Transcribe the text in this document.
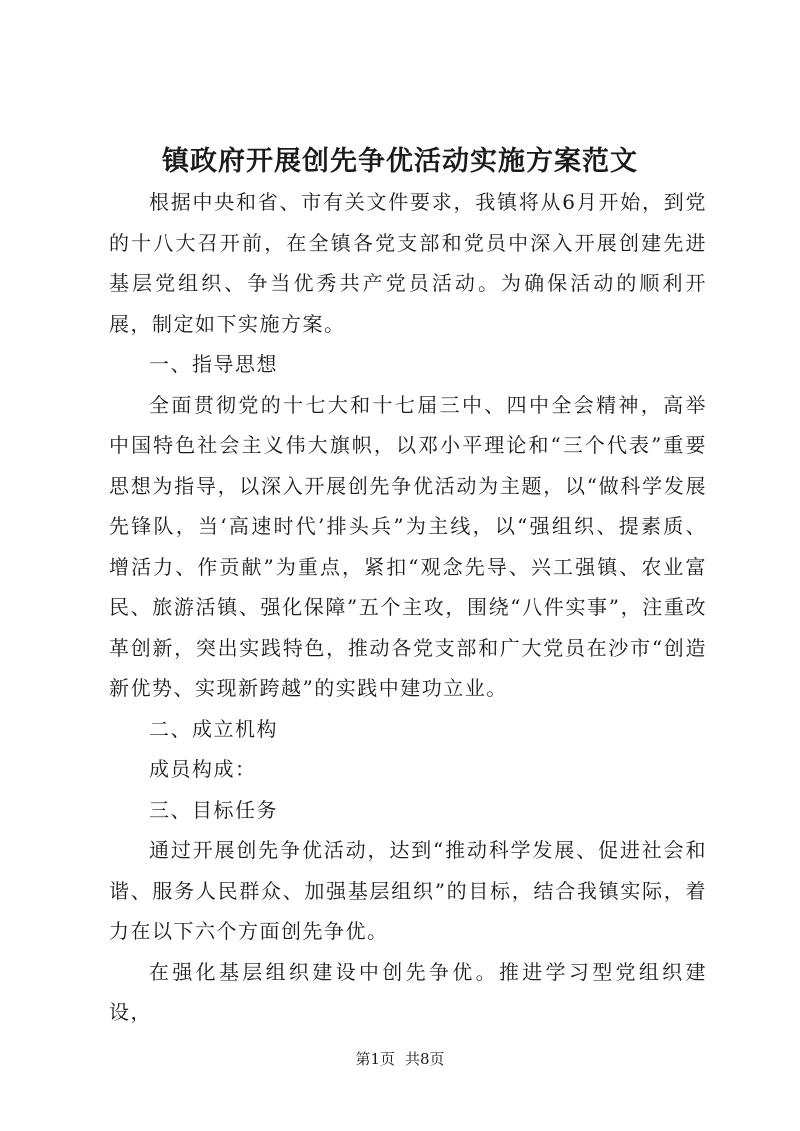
镇政府开展创先争优活动实施方案范文

根据中央和省、市有关文件要求，我镇将从6月开始，到党的十八大召开前，在全镇各党支部和党员中深入开展创建先进基层党组织、争当优秀共产党员活动。为确保活动的顺利开展，制定如下实施方案。

一、指导思想

全面贯彻党的十七大和十七届三中、四中全会精神，高举中国特色社会主义伟大旗帜，以邓小平理论和“三个代表”重要思想为指导，以深入开展创先争优活动为主题，以“做科学发展先锋队，当‘高速时代’排头兵”为主线，以“强组织、提素质、增活力、作贡献”为重点，紧扣“观念先导、兴工强镇、农业富民、旅游活镇、强化保障”五个主攻，围绕“八件实事”，注重改革创新，突出实践特色，推动各党支部和广大党员在沙市“创造新优势、实现新跨越”的实践中建功立业。

二、成立机构

成员构成：

三、目标任务

通过开展创先争优活动，达到“推动科学发展、促进社会和谐、服务人民群众、加强基层组织”的目标，结合我镇实际，着力在以下六个方面创先争优。

在强化基层组织建设中创先争优。推进学习型党组织建设，

第1页 共8页
